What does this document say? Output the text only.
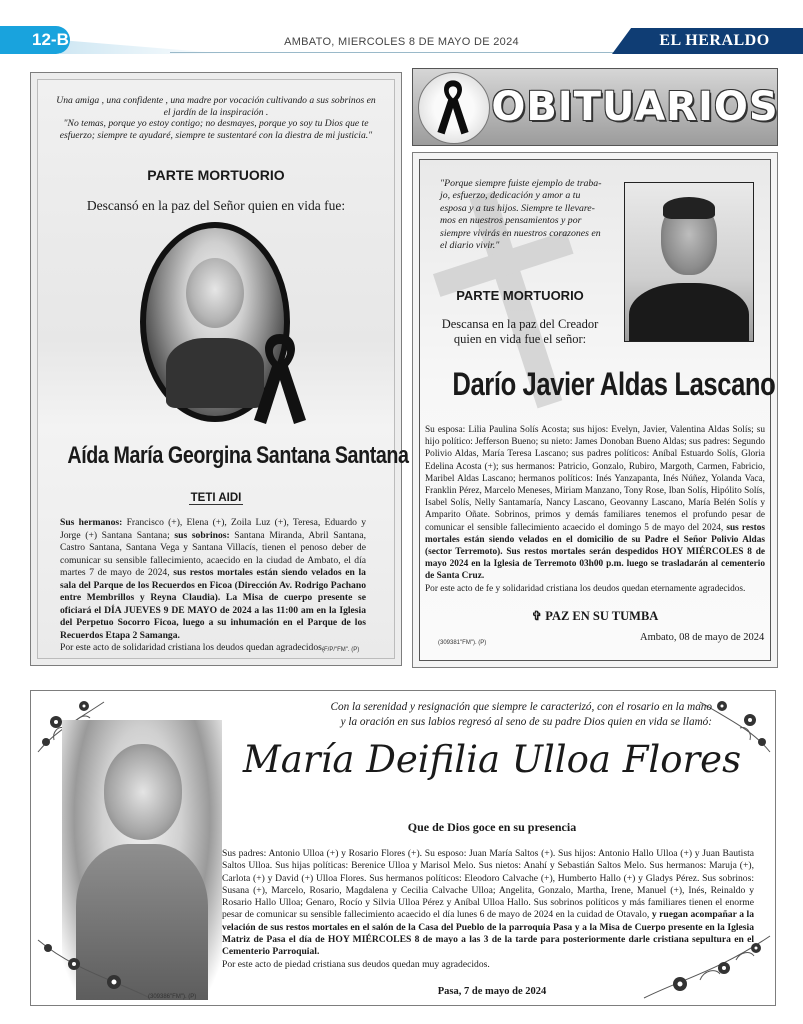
12-B	AMBATO, MIERCOLES 8 DE MAYO DE 2024	EL HERALDO
Una amiga , una confidente , una madre por vocación cultivando a sus sobrinos en
el jardín de la inspiración .
"No temas, porque yo estoy contigo; no desmayes, porque yo soy tu Dios que te
esfuerzo; siempre te ayudaré, siempre te sustentaré con la diestra de mi justicia."
PARTE MORTUORIO
Descansó en la paz del Señor quien en vida fue:
Aída María Georgina Santana Santana
TETI AIDI
Sus hermanos: Francisco (+), Elena (+), Zoila Luz (+), Teresa, Eduardo y Jorge (+) Santana Santana; sus sobrinos: Santana Miranda, Abril Santana, Castro Santana, Santana Vega y Santana Villacís, tienen el penoso deber de comunicar su sensible fallecimiento, acaecido en la ciudad de Ambato, el día martes 7 de mayo de 2024, sus restos mortales están siendo velados en la sala del Parque de los Recuerdos en Ficoa (Dirección Av. Rodrigo Pachano entre Membrillos y Reyna Claudia). La Misa de cuerpo presente se oficiará el DÍA JUEVES 9 DE MAYO de 2024 a las 11:00 am en la Iglesia del Perpetuo Socorro Ficoa, luego a su inhumación en el Parque de los Recuerdos Etapa 2 Samanga.
Por este acto de solidaridad cristiana los deudos quedan agradecidos.
(F/P/"FM". (P)
OBITUARIOS
"Porque siempre fuiste ejemplo de traba-
jo, esfuerzo, dedicación y amor a tu
esposa y a tus hijos. Siempre te llevare-
mos en nuestros pensamientos y por
siempre vivirás en nuestros corazones en
el diario vivir."
PARTE MORTUORIO
Descansa en la paz del Creador
quien en vida fue el señor:
Darío Javier Aldas Lascano
Su esposa: Lilia Paulina Solís Acosta; sus hijos: Evelyn, Javier, Valentina Aldas Solís; su hijo político: Jefferson Bueno; su nieto: James Donoban Bueno Aldas; sus padres: Segundo Polivio Aldas, María Teresa Lascano; sus padres políticos: Aníbal Estuardo Solís, Gloria Edelina Acosta (+); sus hermanos: Patricio, Gonzalo, Rubiro, Margoth, Carmen, Fabricio, Maribel Aldas Lascano; hermanos políticos: Inés Yanzapanta, Inés Núñez, Yolanda Vaca, Franklin Pérez, Marcelo Meneses, Miriam Manzano, Tony Rose, Iban Solís, Hipólito Solís, Isabel Solís, Nelly Santamaría, Nancy Lascano, Geovanny Lascano, María Belén Solís y Amparito Oñate. Sobrinos, primos y demás familiares tenemos el profundo pesar de comunicar el sensible fallecimiento acaecido el domingo 5 de mayo del 2024, sus restos mortales están siendo velados en el domicilio de su Padre el Señor Polivio Aldas (sector Terremoto). Sus restos mortales serán despedidos HOY MIÉRCOLES 8 de mayo 2024 en la Iglesia de Terremoto 03h00 p.m. luego se trasladarán al cementerio de Santa Cruz.
Por este acto de fe y solidaridad cristiana los deudos quedan eternamente agradecidos.
✞ PAZ EN SU TUMBA
Ambato, 08 de mayo de 2024
(309381"FM"). (P)
Con la serenidad y resignación que siempre le caracterizó, con el rosario en la mano
y la oración en sus labios regresó al seno de su padre Dios quien en vida se llamó:
María Deifilia Ulloa Flores
Que de Dios goce en su presencia
Sus padres: Antonio Ulloa (+) y Rosario Flores (+). Su esposo: Juan María Saltos (+). Sus hijos: Antonio Hallo Ulloa (+) y Juan Bautista Saltos Ulloa. Sus hijas políticas: Berenice Ulloa y Marisol Melo. Sus nietos: Anahí y Sebastián Saltos Melo. Sus hermanos: Maruja (+), Carlota (+) y David (+) Ulloa Flores. Sus hermanos políticos: Eleodoro Calvache (+), Humberto Hallo (+) y Gladys Pérez. Sus sobrinos: Susana (+), Marcelo, Rosario, Magdalena y Cecilia Calvache Ulloa; Angelita, Gonzalo, Martha, Irene, Manuel (+), Inés, Reinaldo y Rosario Hallo Ulloa; Genaro, Rocío y Silvia Ulloa Pérez y Aníbal Ulloa Hallo. Sus sobrinos políticos y más familiares tienen el enorme pesar de comunicar su sensible fallecimiento acaecido el día lunes 6 de mayo de 2024 en la cuidad de Otavalo, y ruegan acompañar a la velación de sus restos mortales en el salón de la Casa del Pueblo de la parroquia Pasa y a la Misa de Cuerpo presente en la Iglesia Matriz de Pasa el día de HOY MIÉRCOLES 8 de mayo a las 3 de la tarde para posteriormente darle cristiana sepultura en el Cementerio Parroquial.
Por este acto de piedad cristiana sus deudos quedan muy agradecidos.
Pasa, 7 de mayo de 2024
(309386"FM"). (P)
